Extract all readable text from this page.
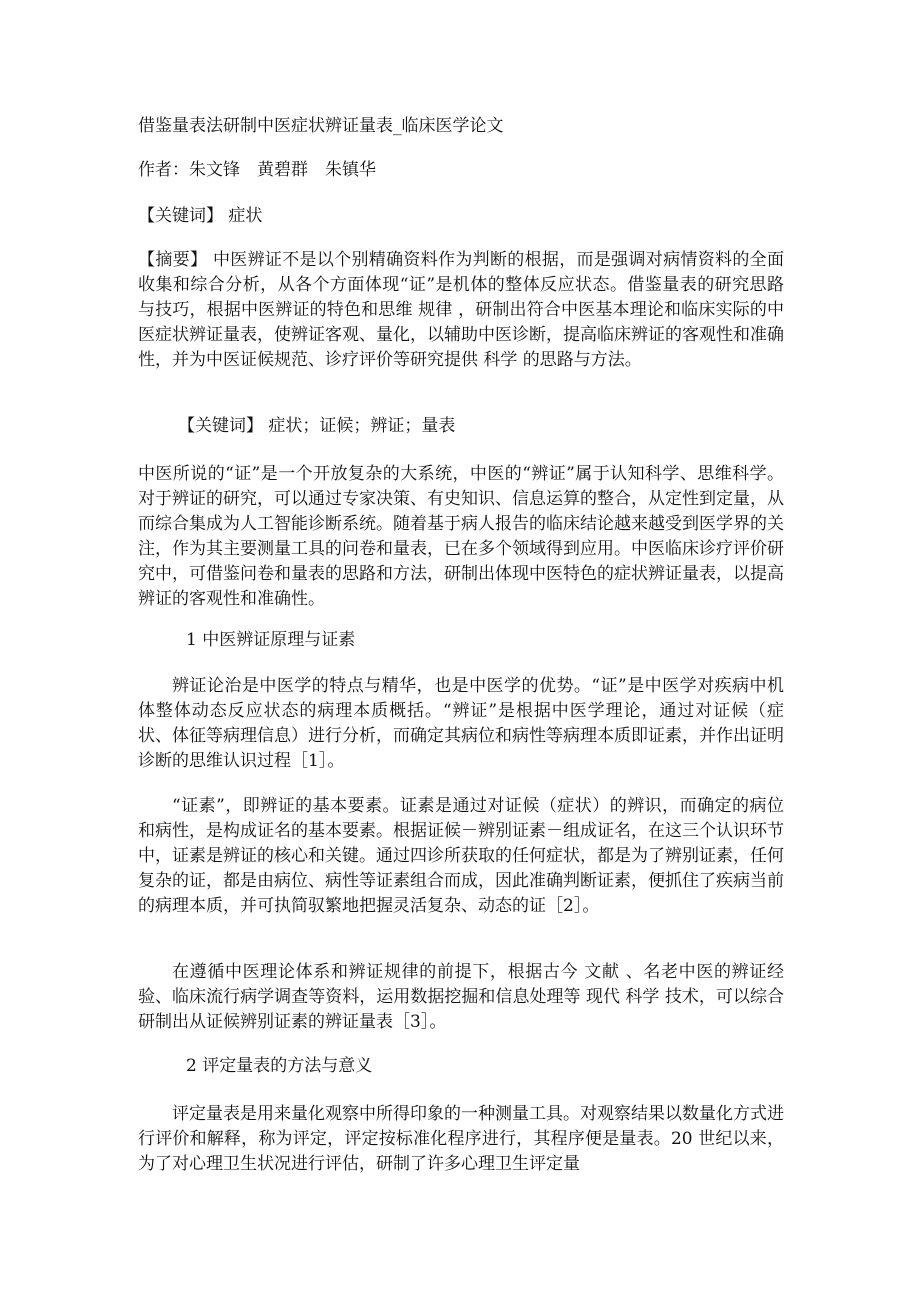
借鉴量表法研制中医症状辨证量表_临床医学论文

作者：朱文锋　黄碧群　朱镇华

【关键词】 症状

【摘要】 中医辨证不是以个别精确资料作为判断的根据，而是强调对病情资料的全面收集和综合分析，从各个方面体现“证”是机体的整体反应状态。借鉴量表的研究思路与技巧，根据中医辨证的特色和思维 规律 ，研制出符合中医基本理论和临床实际的中医症状辨证量表，使辨证客观、量化，以辅助中医诊断，提高临床辨证的客观性和准确性，并为中医证候规范、诊疗评价等研究提供 科学 的思路与方法。

【关键词】 症状；证候；辨证；量表

中医所说的“证”是一个开放复杂的大系统，中医的“辨证”属于认知科学、思维科学。对于辨证的研究，可以通过专家决策、有史知识、信息运算的整合，从定性到定量，从而综合集成为人工智能诊断系统。随着基于病人报告的临床结论越来越受到医学界的关注，作为其主要测量工具的问卷和量表，已在多个领域得到应用。中医临床诊疗评价研究中，可借鉴问卷和量表的思路和方法，研制出体现中医特色的症状辨证量表，以提高辨证的客观性和准确性。

1 中医辨证原理与证素

辨证论治是中医学的特点与精华，也是中医学的优势。“证”是中医学对疾病中机体整体动态反应状态的病理本质概括。“辨证”是根据中医学理论，通过对证候（症状、体征等病理信息）进行分析，而确定其病位和病性等病理本质即证素，并作出证明诊断的思维认识过程［1］。

“证素”，即辨证的基本要素。证素是通过对证候（症状）的辨识，而确定的病位和病性，是构成证名的基本要素。根据证候－辨别证素－组成证名，在这三个认识环节中，证素是辨证的核心和关键。通过四诊所获取的任何症状，都是为了辨别证素，任何复杂的证，都是由病位、病性等证素组合而成，因此准确判断证素，便抓住了疾病当前的病理本质，并可执简驭繁地把握灵活复杂、动态的证［2］。

在遵循中医理论体系和辨证规律的前提下，根据古今 文献 、名老中医的辨证经验、临床流行病学调查等资料，运用数据挖掘和信息处理等 现代 科学 技术，可以综合研制出从证候辨别证素的辨证量表［3］。

2 评定量表的方法与意义

评定量表是用来量化观察中所得印象的一种测量工具。对观察结果以数量化方式进行评价和解释，称为评定，评定按标准化程序进行，其程序便是量表。20 世纪以来，为了对心理卫生状况进行评估，研制了许多心理卫生评定量
